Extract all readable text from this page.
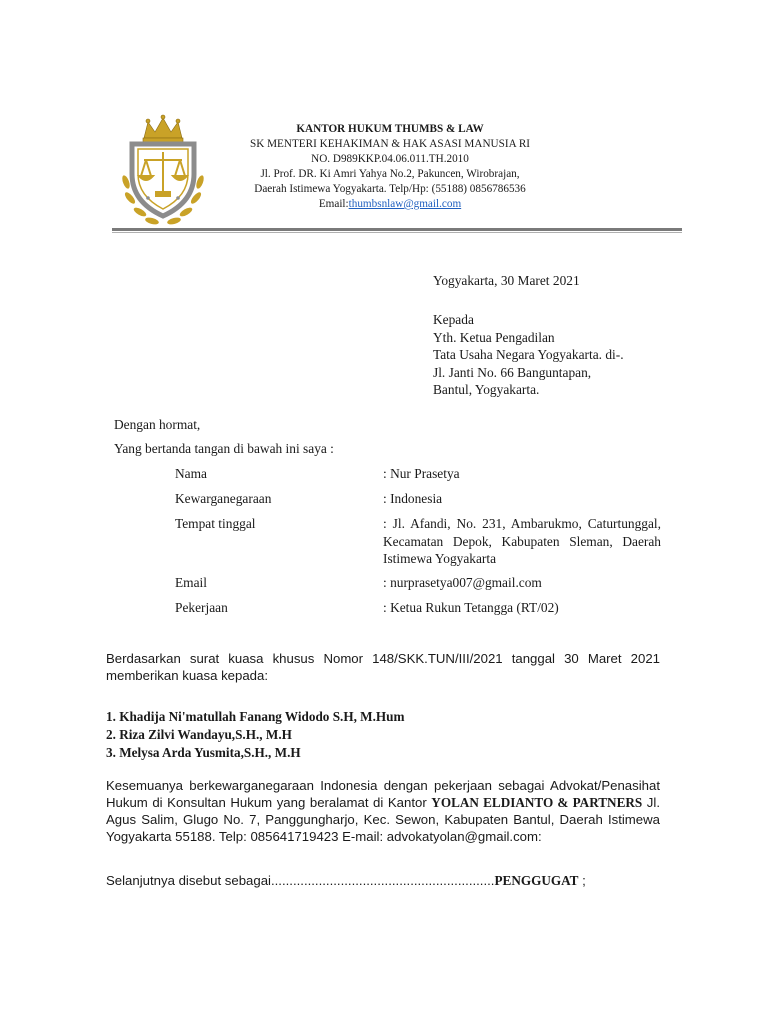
KANTOR HUKUM THUMBS & LAW
SK MENTERI KEHAKIMAN & HAK ASASI MANUSIA RI
NO. D989KKP.04.06.011.TH.2010
Jl. Prof. DR. Ki Amri Yahya No.2, Pakuncen, Wirobrajan,
Daerah Istimewa Yogyakarta. Telp/Hp: (55188) 0856786536
Email:thumbsnlaw@gmail.com
Yogyakarta, 30 Maret 2021
Kepada
Yth. Ketua Pengadilan
Tata Usaha Negara Yogyakarta. di-.
Jl. Janti No. 66 Banguntapan,
Bantul, Yogyakarta.
Dengan hormat,
Yang bertanda tangan di bawah ini saya :
Nama	: Nur Prasetya
Kewarganegaraan	: Indonesia
Tempat tinggal	: Jl. Afandi, No. 231, Ambarukmo, Caturtunggal, Kecamatan Depok, Kabupaten Sleman, Daerah Istimewa Yogyakarta
Email	: nurprasetya007@gmail.com
Pekerjaan	: Ketua Rukun Tetangga (RT/02)
Berdasarkan surat kuasa khusus Nomor 148/SKK.TUN/III/2021 tanggal 30 Maret 2021 memberikan kuasa kepada:
1. Khadija Ni'matullah Fanang Widodo S.H, M.Hum
2. Riza Zilvi Wandayu,S.H., M.H
3. Melysa Arda Yusmita,S.H., M.H
Kesemuanya berkewarganegaraan Indonesia dengan pekerjaan sebagai Advokat/Penasihat Hukum di Konsultan Hukum yang beralamat di Kantor YOLAN ELDIANTO & PARTNERS Jl. Agus Salim, Glugo No. 7, Panggungharjo, Kec. Sewon, Kabupaten Bantul, Daerah Istimewa Yogyakarta 55188. Telp: 085641719423 E-mail: advokatyolan@gmail.com:
Selanjutnya disebut sebagai.............................................................PENGGUGAT ;
